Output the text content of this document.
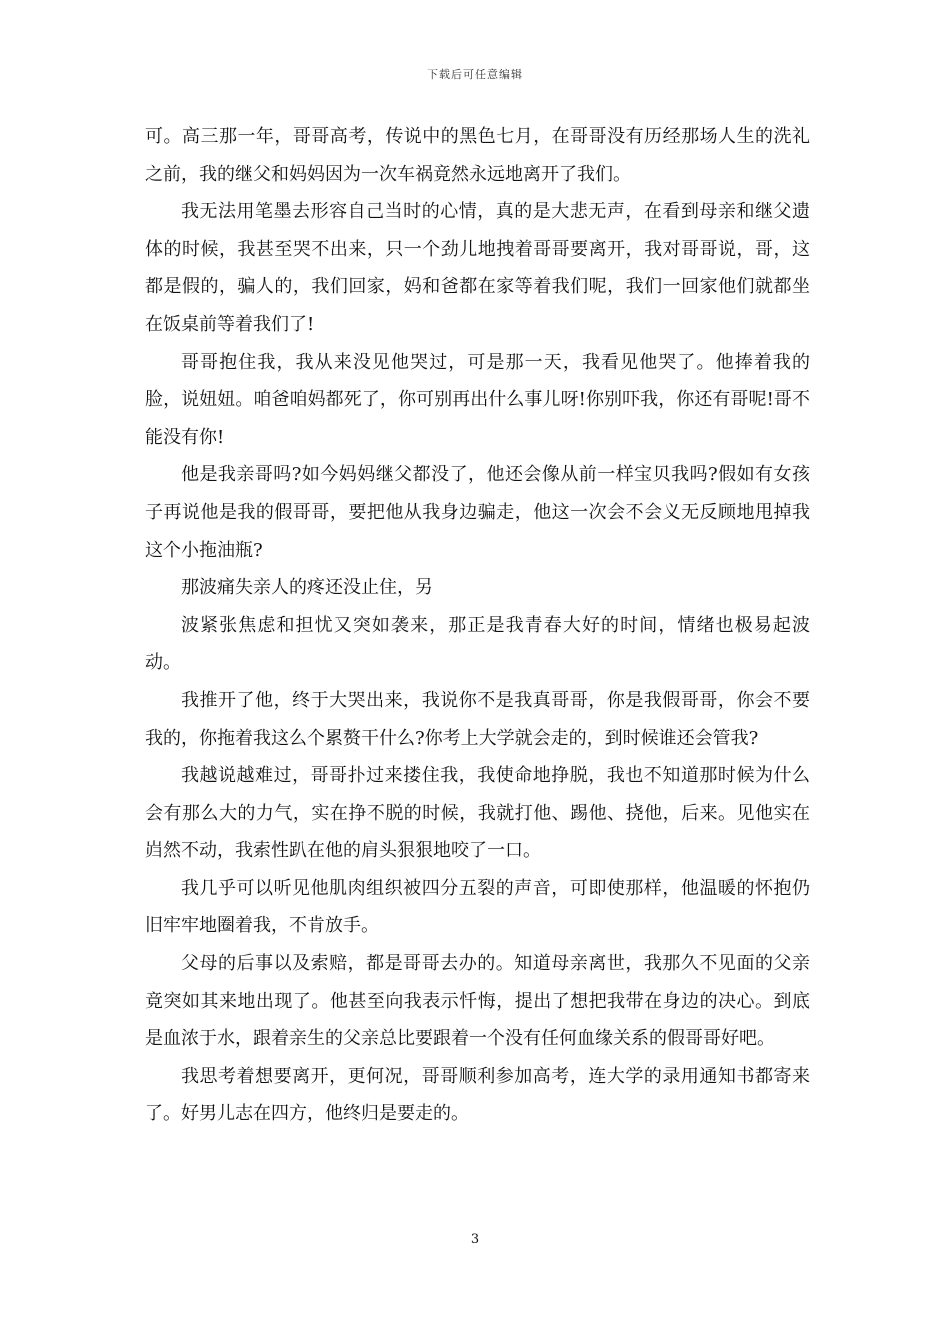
下载后可任意编辑

可。高三那一年，哥哥高考，传说中的黑色七月，在哥哥没有历经那场人生的洗礼之前，我的继父和妈妈因为一次车祸竟然永远地离开了我们。

我无法用笔墨去形容自己当时的心情，真的是大悲无声，在看到母亲和继父遗体的时候，我甚至哭不出来，只一个劲儿地拽着哥哥要离开，我对哥哥说，哥，这都是假的，骗人的，我们回家，妈和爸都在家等着我们呢，我们一回家他们就都坐在饭桌前等着我们了!

哥哥抱住我，我从来没见他哭过，可是那一天，我看见他哭了。他捧着我的脸，说妞妞。咱爸咱妈都死了，你可别再出什么事儿呀!你别吓我，你还有哥呢!哥不能没有你!

他是我亲哥吗?如今妈妈继父都没了，他还会像从前一样宝贝我吗?假如有女孩子再说他是我的假哥哥，要把他从我身边骗走，他这一次会不会义无反顾地甩掉我这个小拖油瓶?

那波痛失亲人的疼还没止住，另

波紧张焦虑和担忧又突如袭来，那正是我青春大好的时间，情绪也极易起波动。

我推开了他，终于大哭出来，我说你不是我真哥哥，你是我假哥哥，你会不要我的，你拖着我这么个累赘干什么?你考上大学就会走的，到时候谁还会管我?

我越说越难过，哥哥扑过来搂住我，我使命地挣脱，我也不知道那时候为什么会有那么大的力气，实在挣不脱的时候，我就打他、踢他、挠他，后来。见他实在岿然不动，我索性趴在他的肩头狠狠地咬了一口。

我几乎可以听见他肌肉组织被四分五裂的声音，可即使那样，他温暖的怀抱仍旧牢牢地圈着我，不肯放手。

父母的后事以及索赔，都是哥哥去办的。知道母亲离世，我那久不见面的父亲竟突如其来地出现了。他甚至向我表示忏悔，提出了想把我带在身边的决心。到底是血浓于水，跟着亲生的父亲总比要跟着一个没有任何血缘关系的假哥哥好吧。

我思考着想要离开，更何况，哥哥顺利参加高考，连大学的录用通知书都寄来了。好男儿志在四方，他终归是要走的。

3
